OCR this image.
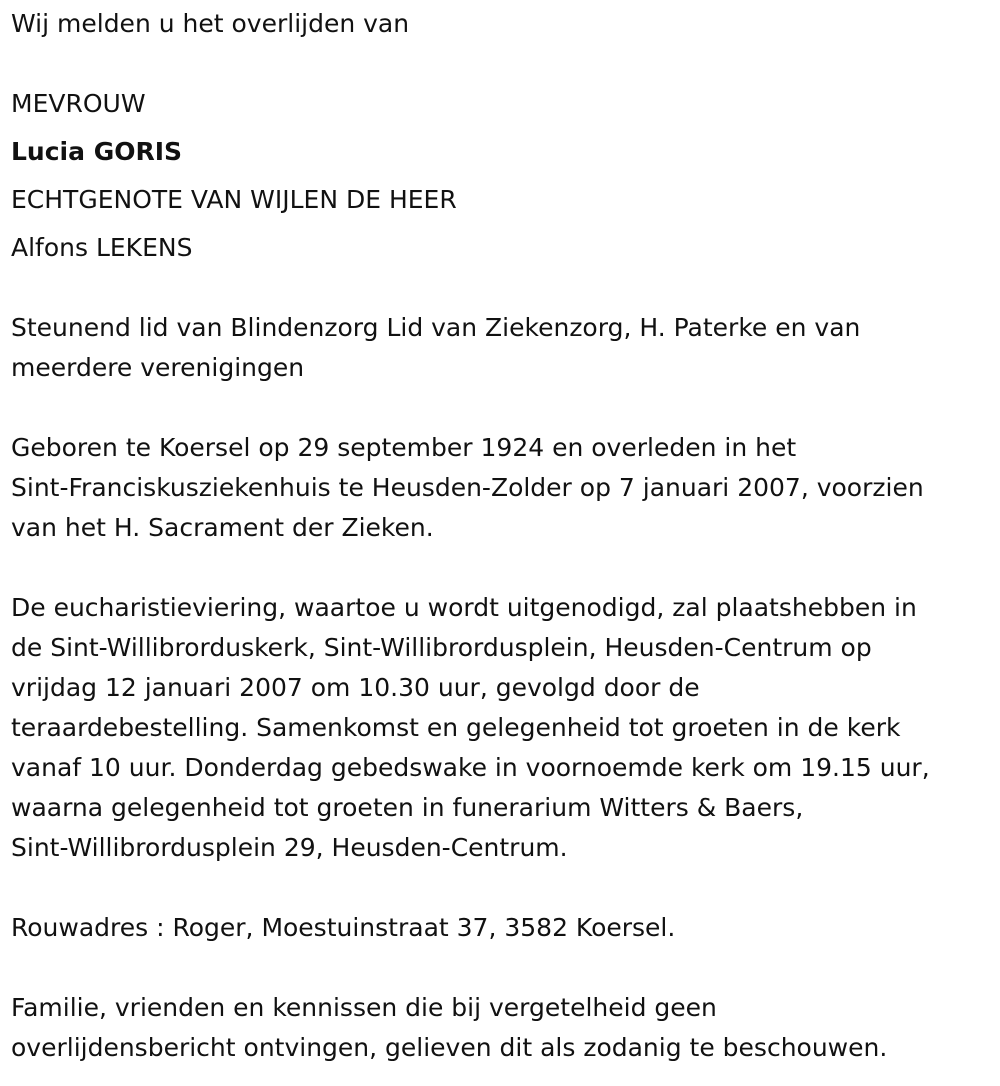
Wij melden u het overlijden van
MEVROUW
Lucia GORIS
ECHTGENOTE VAN WIJLEN DE HEER
Alfons LEKENS
Steunend lid van Blindenzorg Lid van Ziekenzorg, H. Paterke en van
meerdere verenigingen
Geboren te Koersel op 29 september 1924 en overleden in het
Sint-Franciskusziekenhuis te Heusden-Zolder op 7 januari 2007, voorzien
van het H. Sacrament der Zieken.
De eucharistieviering, waartoe u wordt uitgenodigd, zal plaatshebben in
de Sint-Willibrorduskerk, Sint-Willibrordusplein, Heusden-Centrum op
vrijdag 12 januari 2007 om 10.30 uur, gevolgd door de
teraardebestelling. Samenkomst en gelegenheid tot groeten in de kerk
vanaf 10 uur. Donderdag gebedswake in voornoemde kerk om 19.15 uur,
waarna gelegenheid tot groeten in funerarium Witters & Baers,
Sint-Willibrordusplein 29, Heusden-Centrum.
Rouwadres : Roger, Moestuinstraat 37, 3582 Koersel.
Familie, vrienden en kennissen die bij vergetelheid geen
overlijdensbericht ontvingen, gelieven dit als zodanig te beschouwen.
